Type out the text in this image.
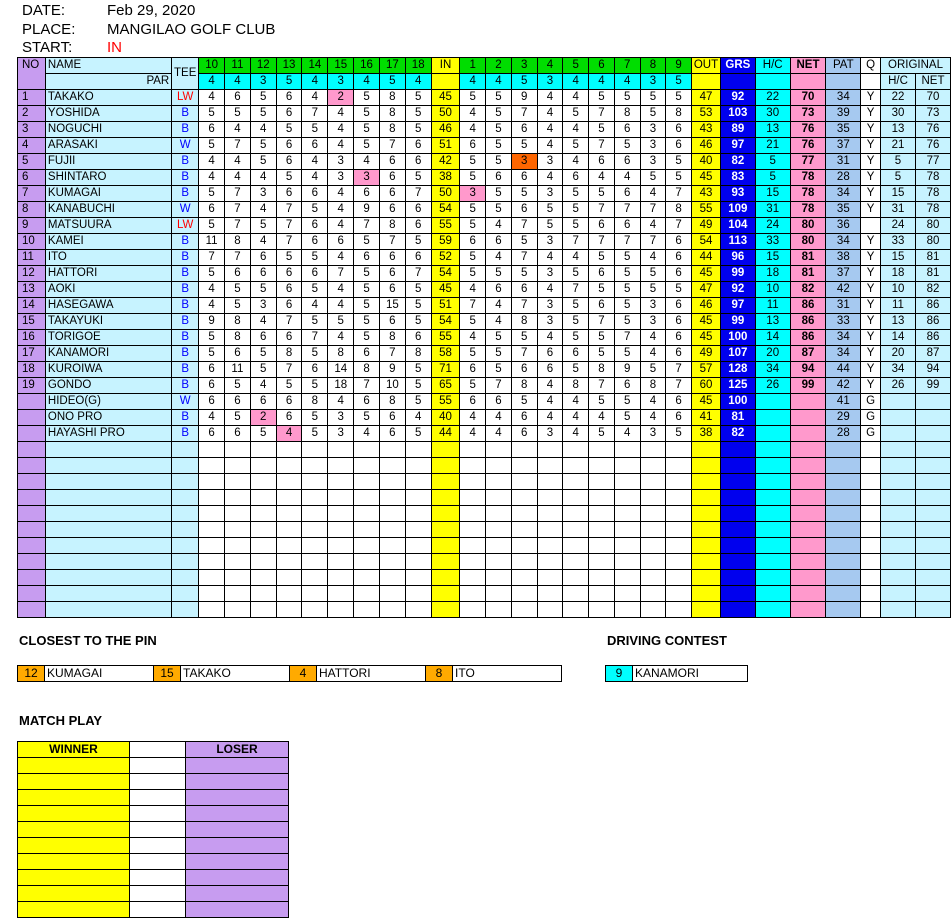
DATE:	Feb 29, 2020
PLACE: MANGILAO GOLF CLUB
START: IN
NO	NAME	TEE	10	11	12	13	14	15	16	17	18	IN	1	2	3	4	5	6	7	8	9	OUT	GRS	H/C	NET	PAT	Q	ORIGINAL	
	PAR		4	4	3	5	4	3	4	5	4		4	4	5	3	4	4	4	3	5							H/C	NET
1	TAKAKO	LW	4	6	5	6	4	2	5	8	5	45	5	5	9	4	4	5	5	5	5	47	92	22	70	34	Y	22	70
2	YOSHIDA	B	5	5	5	6	7	4	5	8	5	50	4	5	7	4	5	7	8	5	8	53	103	30	73	39	Y	30	73
3	NOGUCHI	B	6	4	4	5	5	4	5	8	5	46	4	5	6	4	4	5	6	3	6	43	89	13	76	35	Y	13	76
4	ARASAKI	W	5	7	5	6	6	4	5	7	6	51	6	5	5	4	5	7	5	3	6	46	97	21	76	37	Y	21	76
5	FUJII	B	4	4	5	6	4	3	4	6	6	42	5	5	3	3	4	6	6	3	5	40	82	5	77	31	Y	5	77
6	SHINTARO	B	4	4	4	5	4	3	3	6	5	38	5	6	6	4	6	4	4	5	5	45	83	5	78	28	Y	5	78
7	KUMAGAI	B	5	7	3	6	6	4	6	6	7	50	3	5	5	3	5	5	6	4	7	43	93	15	78	34	Y	15	78
8	KANABUCHI	W	6	7	4	7	5	4	9	6	6	54	5	5	6	5	5	7	7	7	8	55	109	31	78	35	Y	31	78
9	MATSUURA	LW	5	7	5	7	6	4	7	8	6	55	5	4	7	5	5	6	6	4	7	49	104	24	80	36		24	80
10	KAMEI	B	11	8	4	7	6	6	5	7	5	59	6	6	5	3	7	7	7	7	6	54	113	33	80	34	Y	33	80
11	ITO	B	7	7	6	5	5	4	6	6	6	52	5	4	7	4	4	5	5	4	6	44	96	15	81	38	Y	15	81
12	HATTORI	B	5	6	6	6	6	7	5	6	7	54	5	5	5	3	5	6	5	5	6	45	99	18	81	37	Y	18	81
13	AOKI	B	4	5	5	6	5	4	5	6	5	45	4	6	6	4	7	5	5	5	5	47	92	10	82	42	Y	10	82
14	HASEGAWA	B	4	5	3	6	4	4	5	15	5	51	7	4	7	3	5	6	5	3	6	46	97	11	86	31	Y	11	86
15	TAKAYUKI	B	9	8	4	7	5	5	5	6	5	54	5	4	8	3	5	7	5	3	6	45	99	13	86	33	Y	13	86
16	TORIGOE	B	5	8	6	6	7	4	5	8	6	55	4	5	5	4	5	5	7	4	6	45	100	14	86	34	Y	14	86
17	KANAMORI	B	5	6	5	8	5	8	6	7	8	58	5	5	7	6	6	5	5	4	6	49	107	20	87	34	Y	20	87
18	KUROIWA	B	6	11	5	7	6	14	8	9	5	71	6	5	6	6	5	8	9	5	7	57	128	34	94	44	Y	34	94
19	GONDO	B	6	5	4	5	5	18	7	10	5	65	5	7	8	4	8	7	6	8	7	60	125	26	99	42	Y	26	99
	HIDEO(G)	W	6	6	6	6	8	4	6	8	5	55	6	6	5	4	4	5	5	4	6	45	100			41	G		
	ONO PRO	B	4	5	2	6	5	3	5	6	4	40	4	4	6	4	4	4	5	4	6	41	81			29	G		
	HAYASHI PRO	B	6	6	5	4	5	3	4	6	5	44	4	4	6	3	4	5	4	3	5	38	82			28	G		

CLOSEST TO THE PIN
12	KUMAGAI	15	TAKAKO	4	HATTORI	8	ITO
DRIVING CONTEST
9	KANAMORI
MATCH PLAY
WINNER		LOSER
